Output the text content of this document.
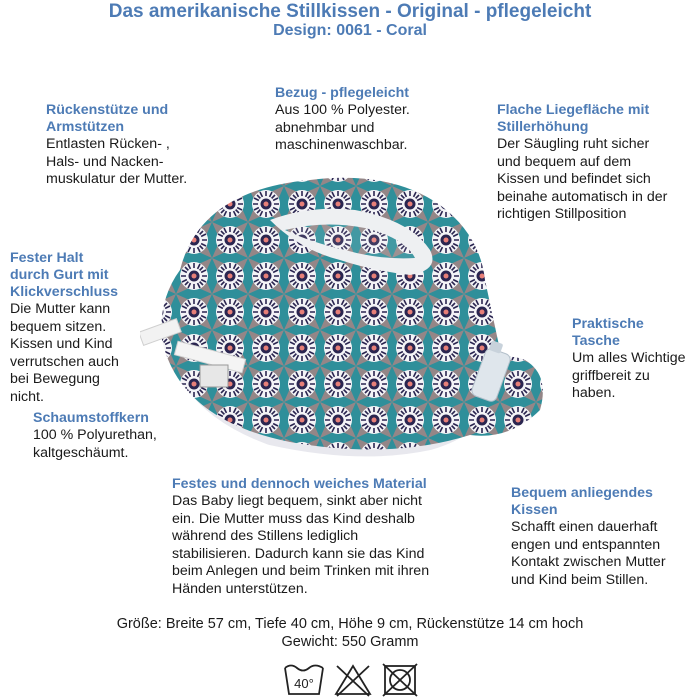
Das amerikanische Stillkissen - Original - pflegeleicht
Design: 0061 - Coral
Rückenstütze und
Armstützen
Entlasten Rücken- ,
Hals- und Nacken-
muskulatur der Mutter.
Bezug - pflegeleicht
Aus 100 % Polyester.
abnehmbar und
maschinenwaschbar.
Flache Liegefläche mit
Stillerhöhung
Der Säugling ruht sicher
und bequem auf dem
Kissen und befindet sich
beinahe automatisch in der
richtigen Stillposition
Fester Halt
durch Gurt mit
Klickverschluss
Die Mutter kann
bequem sitzen.
Kissen und Kind
verrutschen auch
bei Bewegung
nicht.
Praktische
Tasche
Um alles Wichtige
griffbereit zu
haben.
Schaumstoffkern
100 % Polyurethan,
kaltgeschäumt.
Festes und dennoch weiches Material
Das Baby liegt bequem, sinkt aber nicht
ein. Die Mutter muss das Kind deshalb
während des Stillens lediglich
stabilisieren. Dadurch kann sie das Kind
beim Anlegen und beim Trinken mit ihren
Händen unterstützen.
Bequem anliegendes
Kissen
Schafft einen dauerhaft
engen und entspannten
Kontakt zwischen Mutter
und Kind beim Stillen.
Größe: Breite 57 cm, Tiefe 40 cm, Höhe 9 cm, Rückenstütze 14 cm hoch
Gewicht: 550 Gramm
40°
